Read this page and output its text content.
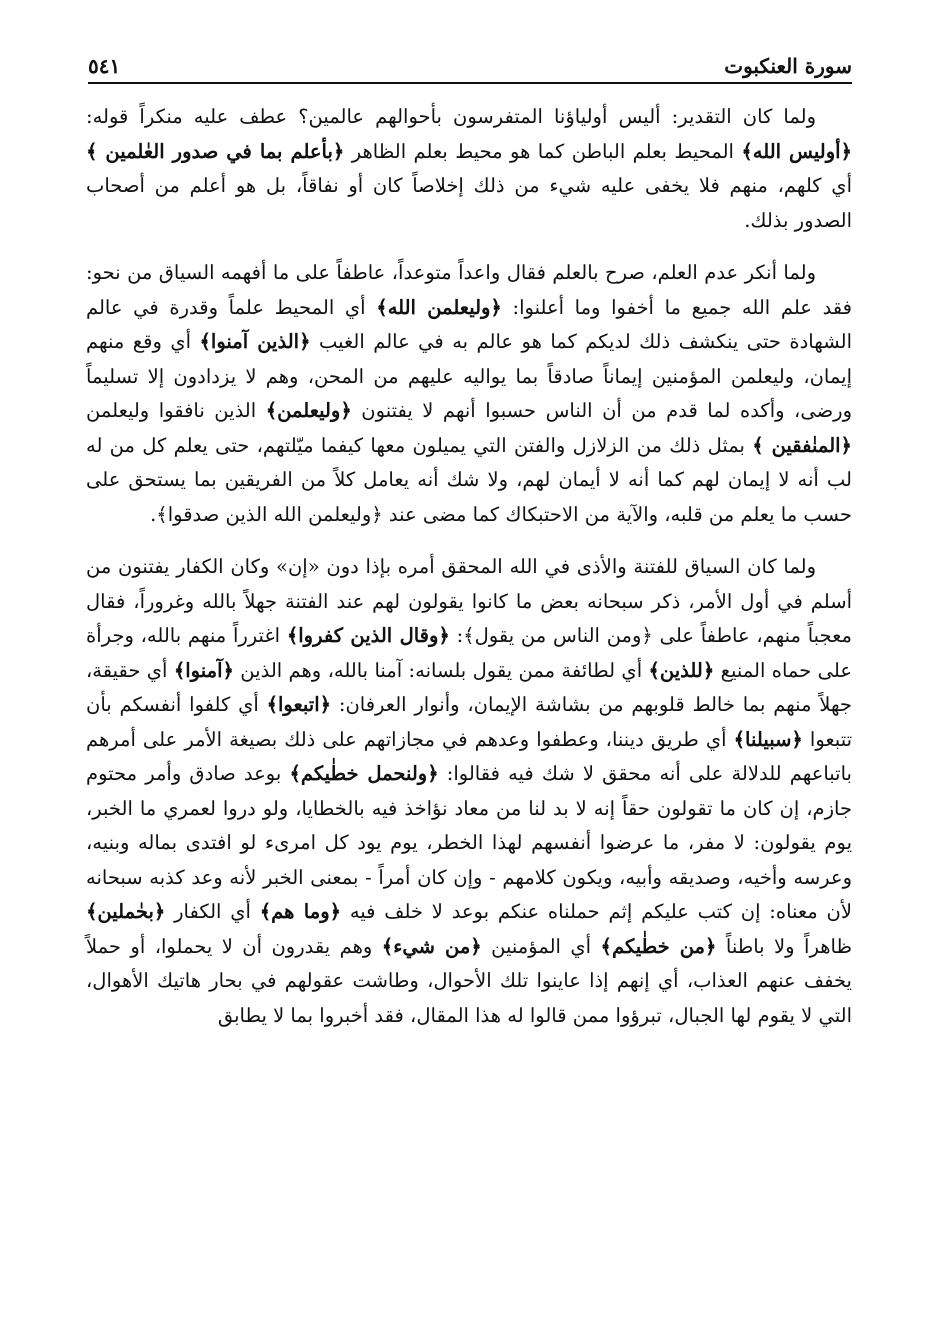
سورة العنكبوت
٥٤١

ولما كان التقدير: أليس أولياؤنا المتفرسون بأحوالهم عالمين؟ عطف عليه منكراً قوله: ﴿أوليس الله﴾ المحيط بعلم الباطن كما هو محيط بعلم الظاهر ﴿بأعلم بما في صدور العٰلمين ﴾ أي كلهم، منهم فلا يخفى عليه شيء من ذلك إخلاصاً كان أو نفاقاً، بل هو أعلم من أصحاب الصدور بذلك.

ولما أنكر عدم العلم، صرح بالعلم فقال واعداً متوعداً، عاطفاً على ما أفهمه السياق من نحو: فقد علم الله جميع ما أخفوا وما أعلنوا: ﴿وليعلمن الله﴾ أي المحيط علماً وقدرة في عالم الشهادة حتى ينكشف ذلك لديكم كما هو عالم به في عالم الغيب ﴿الذين آمنوا﴾ أي وقع منهم إيمان، وليعلمن المؤمنين إيماناً صادقاً بما يواليه عليهم من المحن، وهم لا يزدادون إلا تسليماً ورضى، وأكده لما قدم من أن الناس حسبوا أنهم لا يفتنون ﴿وليعلمن﴾ الذين نافقوا وليعلمن ﴿المنٰفقين ﴾ بمثل ذلك من الزلازل والفتن التي يميلون معها كيفما ميّلتهم، حتى يعلم كل من له لب أنه لا إيمان لهم كما أنه لا أيمان لهم، ولا شك أنه يعامل كلاً من الفريقين بما يستحق على حسب ما يعلم من قلبه، والآية من الاحتبكاك كما مضى عند ﴿وليعلمن الله الذين صدقوا﴾.

ولما كان السياق للفتنة والأذى في الله المحقق أمره بإذا دون «إن» وكان الكفار يفتنون من أسلم في أول الأمر، ذكر سبحانه بعض ما كانوا يقولون لهم عند الفتنة جهلاً بالله وغروراً، فقال معجباً منهم، عاطفاً على ﴿ومن الناس من يقول﴾: ﴿وقال الذين كفروا﴾ اغترراً منهم بالله، وجرأة على حماه المنيع ﴿للذين﴾ أي لطائفة ممن يقول بلسانه: آمنا بالله، وهم الذين ﴿آمنوا﴾ أي حقيقة، جهلاً منهم بما خالط قلوبهم من بشاشة الإيمان، وأنوار العرفان: ﴿اتبعوا﴾ أي كلفوا أنفسكم بأن تتبعوا ﴿سبيلنا﴾ أي طريق ديننا، وعطفوا وعدهم في مجازاتهم على ذلك بصيغة الأمر على أمرهم باتباعهم للدلالة على أنه محقق لا شك فيه فقالوا: ﴿ولنحمل خطٰيكم﴾ بوعد صادق وأمر محتوم جازم، إن كان ما تقولون حقاً إنه لا بد لنا من معاد نؤاخذ فيه بالخطايا، ولو دروا لعمري ما الخبر، يوم يقولون: لا مفر، ما عرضوا أنفسهم لهذا الخطر، يوم يود كل امرىء لو افتدى بماله وبنيه، وعرسه وأخيه، وصديقه وأبيه، ويكون كلامهم - وإن كان أمراً - بمعنى الخبر لأنه وعد كذبه سبحانه لأن معناه: إن كتب عليكم إثم حملناه عنكم بوعد لا خلف فيه ﴿وما هم﴾ أي الكفار ﴿بحٰملين﴾ ظاهراً ولا باطناً ﴿من خطٰيكم﴾ أي المؤمنين ﴿من شيء﴾ وهم يقدرون أن لا يحملوا، أو حملاً يخفف عنهم العذاب، أي إنهم إذا عاينوا تلك الأحوال، وطاشت عقولهم في بحار هاتيك الأهوال، التي لا يقوم لها الجبال، تبرؤوا ممن قالوا له هذا المقال، فقد أخبروا بما لا يطابق
